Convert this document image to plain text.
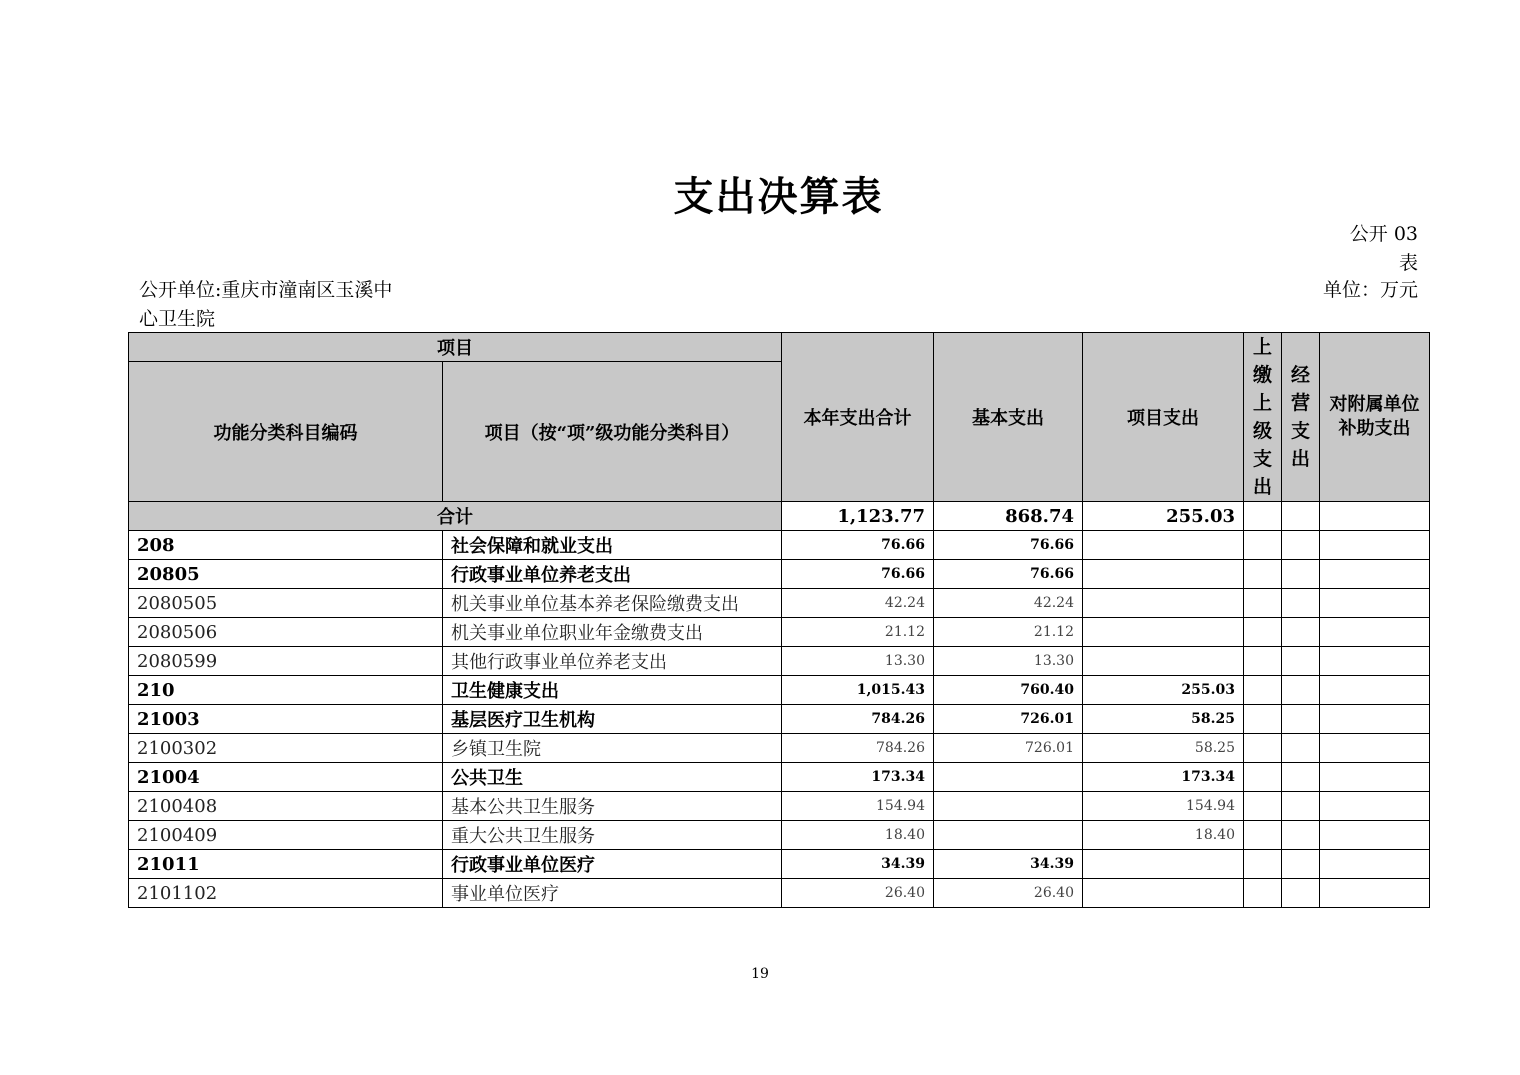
支出决算表
公开 03 表
公开单位:重庆市潼南区玉溪中心卫生院
单位：万元
项目		本年支出合计	基本支出	项目支出	上缴上级支出	经营支出	对附属单位补助支出
功能分类科目编码	项目（按“项”级功能分类科目）						
合计		1,123.77	868.74	255.03			
208	社会保障和就业支出	76.66	76.66				
20805	行政事业单位养老支出	76.66	76.66				
2080505	机关事业单位基本养老保险缴费支出	42.24	42.24				
2080506	机关事业单位职业年金缴费支出	21.12	21.12				
2080599	其他行政事业单位养老支出	13.30	13.30				
210	卫生健康支出	1,015.43	760.40	255.03			
21003	基层医疗卫生机构	784.26	726.01	58.25			
2100302	乡镇卫生院	784.26	726.01	58.25			
21004	公共卫生	173.34		173.34			
2100408	基本公共卫生服务	154.94		154.94			
2100409	重大公共卫生服务	18.40		18.40			
21011	行政事业单位医疗	34.39	34.39				
2101102	事业单位医疗	26.40	26.40				
19
